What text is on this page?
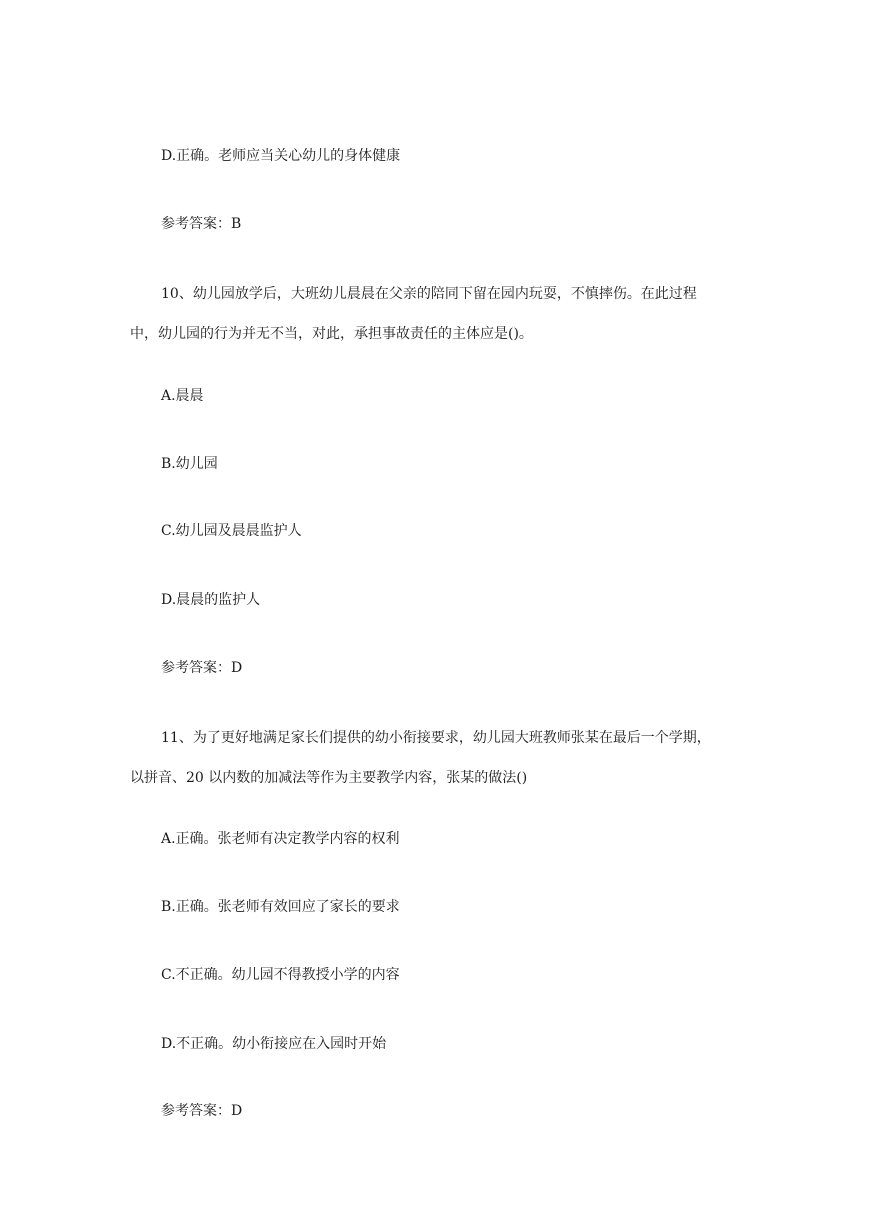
D.正确。老师应当关心幼儿的身体健康
参考答案：B
10、幼儿园放学后，大班幼儿晨晨在父亲的陪同下留在园内玩耍，不慎摔伤。在此过程
中，幼儿园的行为并无不当，对此，承担事故责任的主体应是()。
A.晨晨
B.幼儿园
C.幼儿园及晨晨监护人
D.晨晨的监护人
参考答案：D
11、为了更好地满足家长们提供的幼小衔接要求，幼儿园大班教师张某在最后一个学期，
以拼音、20 以内数的加减法等作为主要教学内容，张某的做法()
A.正确。张老师有决定教学内容的权利
B.正确。张老师有效回应了家长的要求
C.不正确。幼儿园不得教授小学的内容
D.不正确。幼小衔接应在入园时开始
参考答案：D
